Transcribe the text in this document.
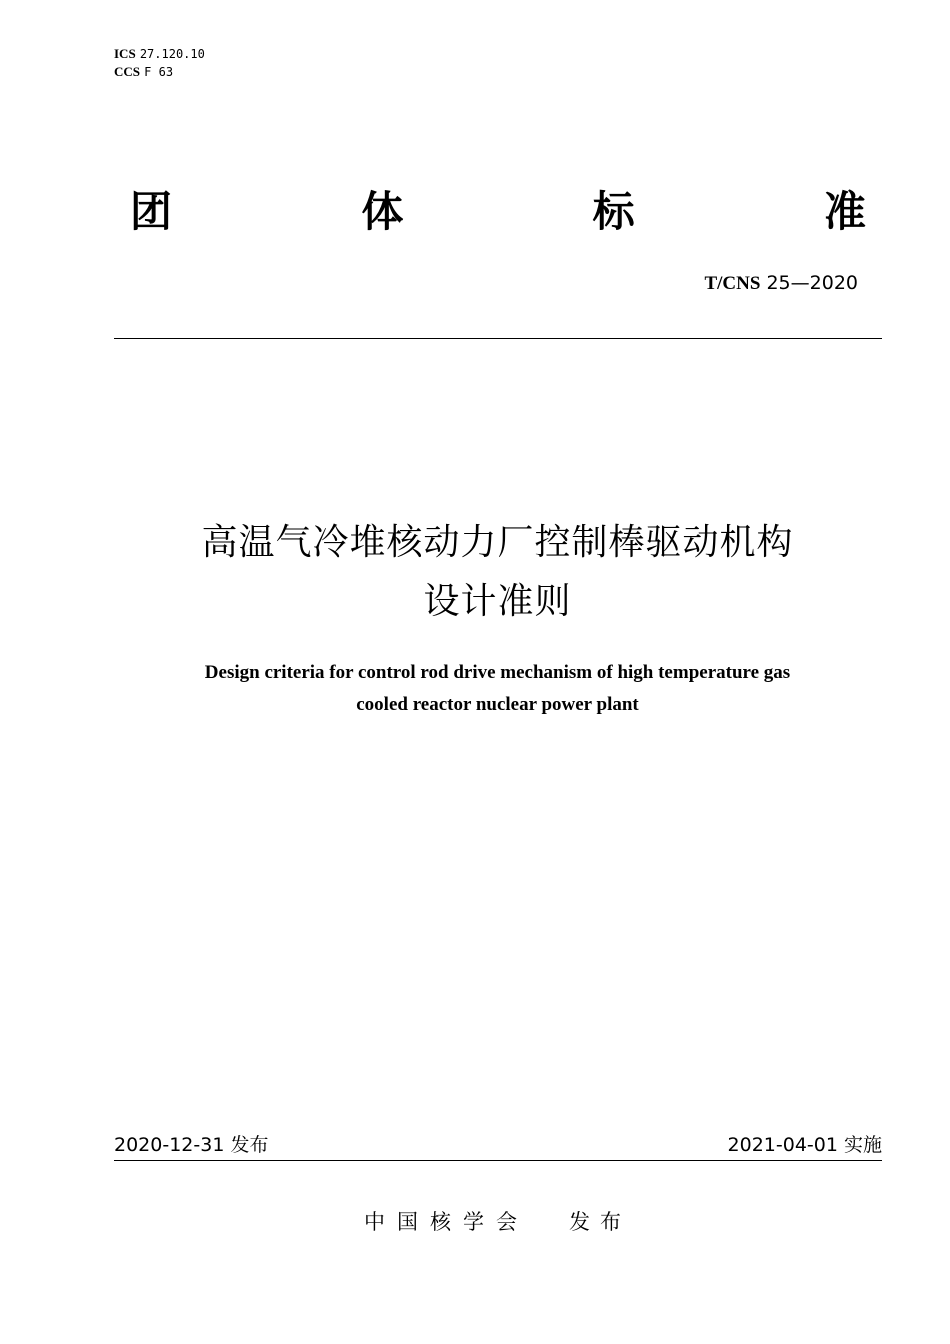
ICS 27.120.10
CCS F 63
团	体	标	准
T/CNS 25—2020
高温气冷堆核动力厂控制棒驱动机构
设计准则
Design criteria for control rod drive mechanism of high temperature gas
cooled reactor nuclear power plant
2020-12-31 发布	2021-04-01 实施
中国核学会 发布
